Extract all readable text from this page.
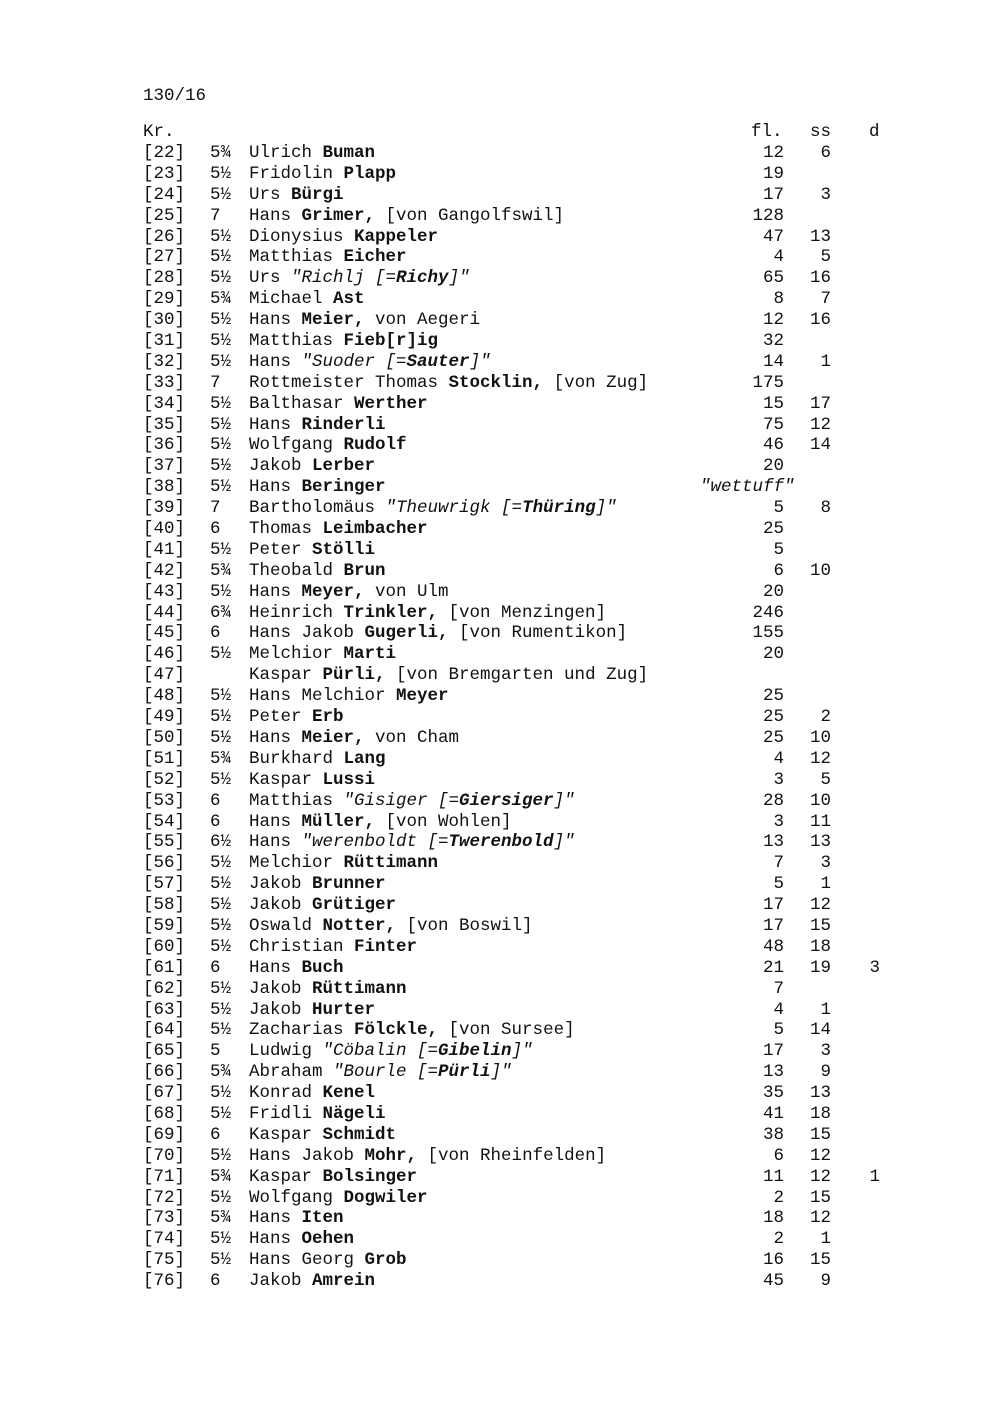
130/16
Kr.	fl. ss d
[22] 5¾ Ulrich Buman	12	6
[23] 5½ Fridolin Plapp	19
[24] 5½ Urs Bürgi	17	3
[25] 7 Hans Grimer, [von Gangolfswil]	128
[26] 5½ Dionysius Kappeler	47	13
[27] 5½ Matthias Eicher	4	5
[28] 5½ Urs "Richlj [=Richy]"	65	16
[29] 5¾ Michael Ast	8	7
[30] 5½ Hans Meier, von Aegeri	12	16
[31] 5½ Matthias Fieb[r]ig	32
[32] 5½ Hans "Suoder [=Sauter]"	14	1
[33] 7 Rottmeister Thomas Stocklin, [von Zug]	175
[34] 5½ Balthasar Werther	15	17
[35] 5½ Hans Rinderli	75	12
[36] 5½ Wolfgang Rudolf	46	14
[37] 5½ Jakob Lerber	20
[38] 5½ Hans Beringer	"wettuff"
[39] 7 Bartholomäus "Theuwrigk [=Thüring]"	5	8
[40] 6 Thomas Leimbacher	25
[41] 5½ Peter Stölli	5
[42] 5¾ Theobald Brun	6	10
[43] 5½ Hans Meyer, von Ulm	20
[44] 6¾ Heinrich Trinkler, [von Menzingen]	246
[45] 6 Hans Jakob Gugerli, [von Rumentikon]	155
[46] 5½ Melchior Marti	20
[47]	Kaspar Pürli, [von Bremgarten und Zug]
[48] 5½ Hans Melchior Meyer	25
[49] 5½ Peter Erb	25	2
[50] 5½ Hans Meier, von Cham	25	10
[51] 5¾ Burkhard Lang	4	12
[52] 5½ Kaspar Lussi	3	5
[53] 6 Matthias "Gisiger [=Giersiger]"	28	10
[54] 6 Hans Müller, [von Wohlen]	3	11
[55] 6½ Hans "werenboldt [=Twerenbold]"	13	13
[56] 5½ Melchior Rüttimann	7	3
[57] 5½ Jakob Brunner	5	1
[58] 5½ Jakob Grütiger	17	12
[59] 5½ Oswald Notter, [von Boswil]	17	15
[60] 5½ Christian Finter	48	18
[61] 6 Hans Buch	21	19	3
[62] 5½ Jakob Rüttimann	7
[63] 5½ Jakob Hurter	4	1
[64] 5½ Zacharias Fölckle, [von Sursee]	5	14
[65] 5 Ludwig "Cöbalin [=Gibelin]"	17	3
[66] 5¾ Abraham "Bourle [=Pürli]"	13	9
[67] 5½ Konrad Kenel	35	13
[68] 5½ Fridli Nägeli	41	18
[69] 6 Kaspar Schmidt	38	15
[70] 5½ Hans Jakob Mohr, [von Rheinfelden]	6	12
[71] 5¾ Kaspar Bolsinger	11	12	1
[72] 5½ Wolfgang Dogwiler	2	15
[73] 5¾ Hans Iten	18	12
[74] 5½ Hans Oehen	2	1
[75] 5½ Hans Georg Grob	16	15
[76] 6 Jakob Amrein	45	9
